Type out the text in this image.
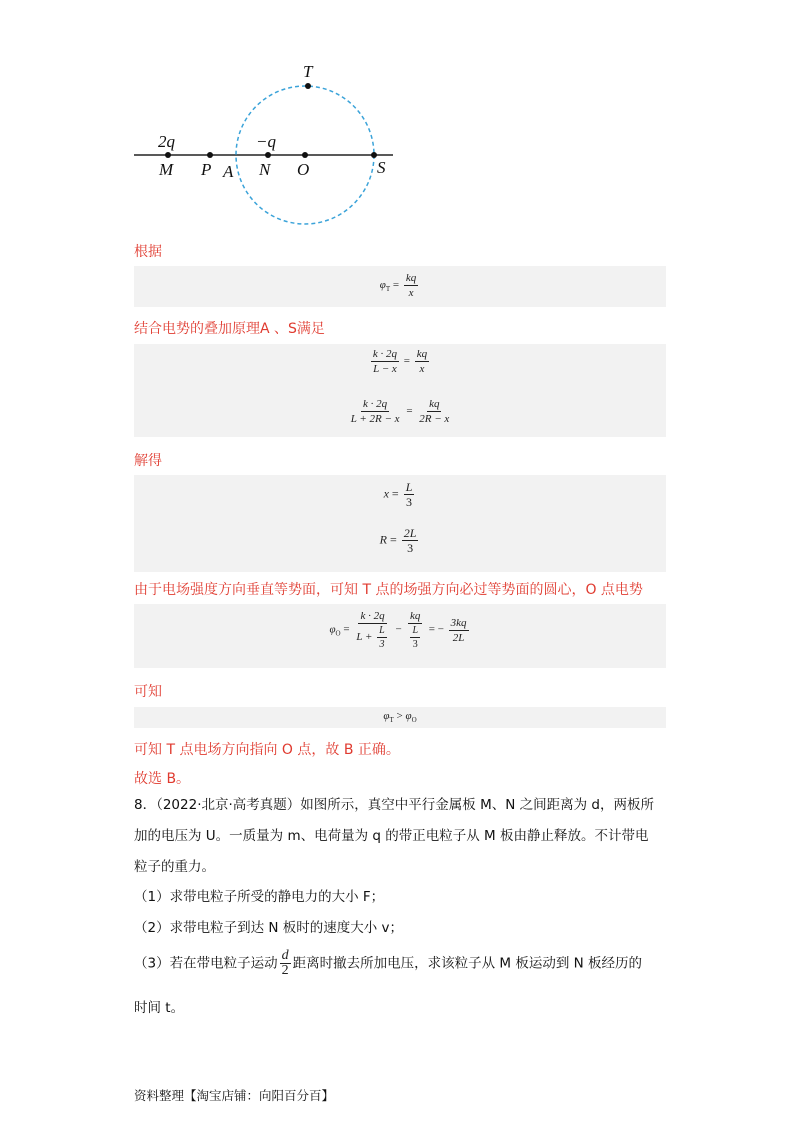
T
2q	−q
M P A N O	S
根据
$\varphi_T = \frac{kq}{x}$
结合电势的叠加原理A 、S满足
$\frac{k \cdot 2q}{L - x} = \frac{kq}{x}$
$\frac{k \cdot 2q}{L + 2R - x} = \frac{kq}{2R - x}$
解得
$x = \frac{L}{3}$
$R = \frac{2L}{3}$
由于电场强度方向垂直等势面，可知 T 点的场强方向必过等势面的圆心，O 点电势
$\varphi_O = \frac{k \cdot 2q}{L + \frac{L}{3}} - \frac{kq}{\frac{L}{3}}$ = − $\frac{3kq}{2L}$
可知
$\varphi_T > \varphi_O$
可知 T 点电场方向指向 O 点，故 B 正确。
故选 B。
8．（2022·北京·高考真题）如图所示，真空中平行金属板 M、N 之间距离为 d，两板所
加的电压为 U。一质量为 m、电荷量为 q 的带正电粒子从 M 板由静止释放。不计带电
粒子的重力。
（1）求带电粒子所受的静电力的大小 F；
（2）求带电粒子到达 N 板时的速度大小 v；
（3）若在带电粒子运动 $\frac{d}{2}$ 距离时撤去所加电压，求该粒子从 M 板运动到 N 板经历的
时间 t。
资料整理【淘宝店铺：向阳百分百】
